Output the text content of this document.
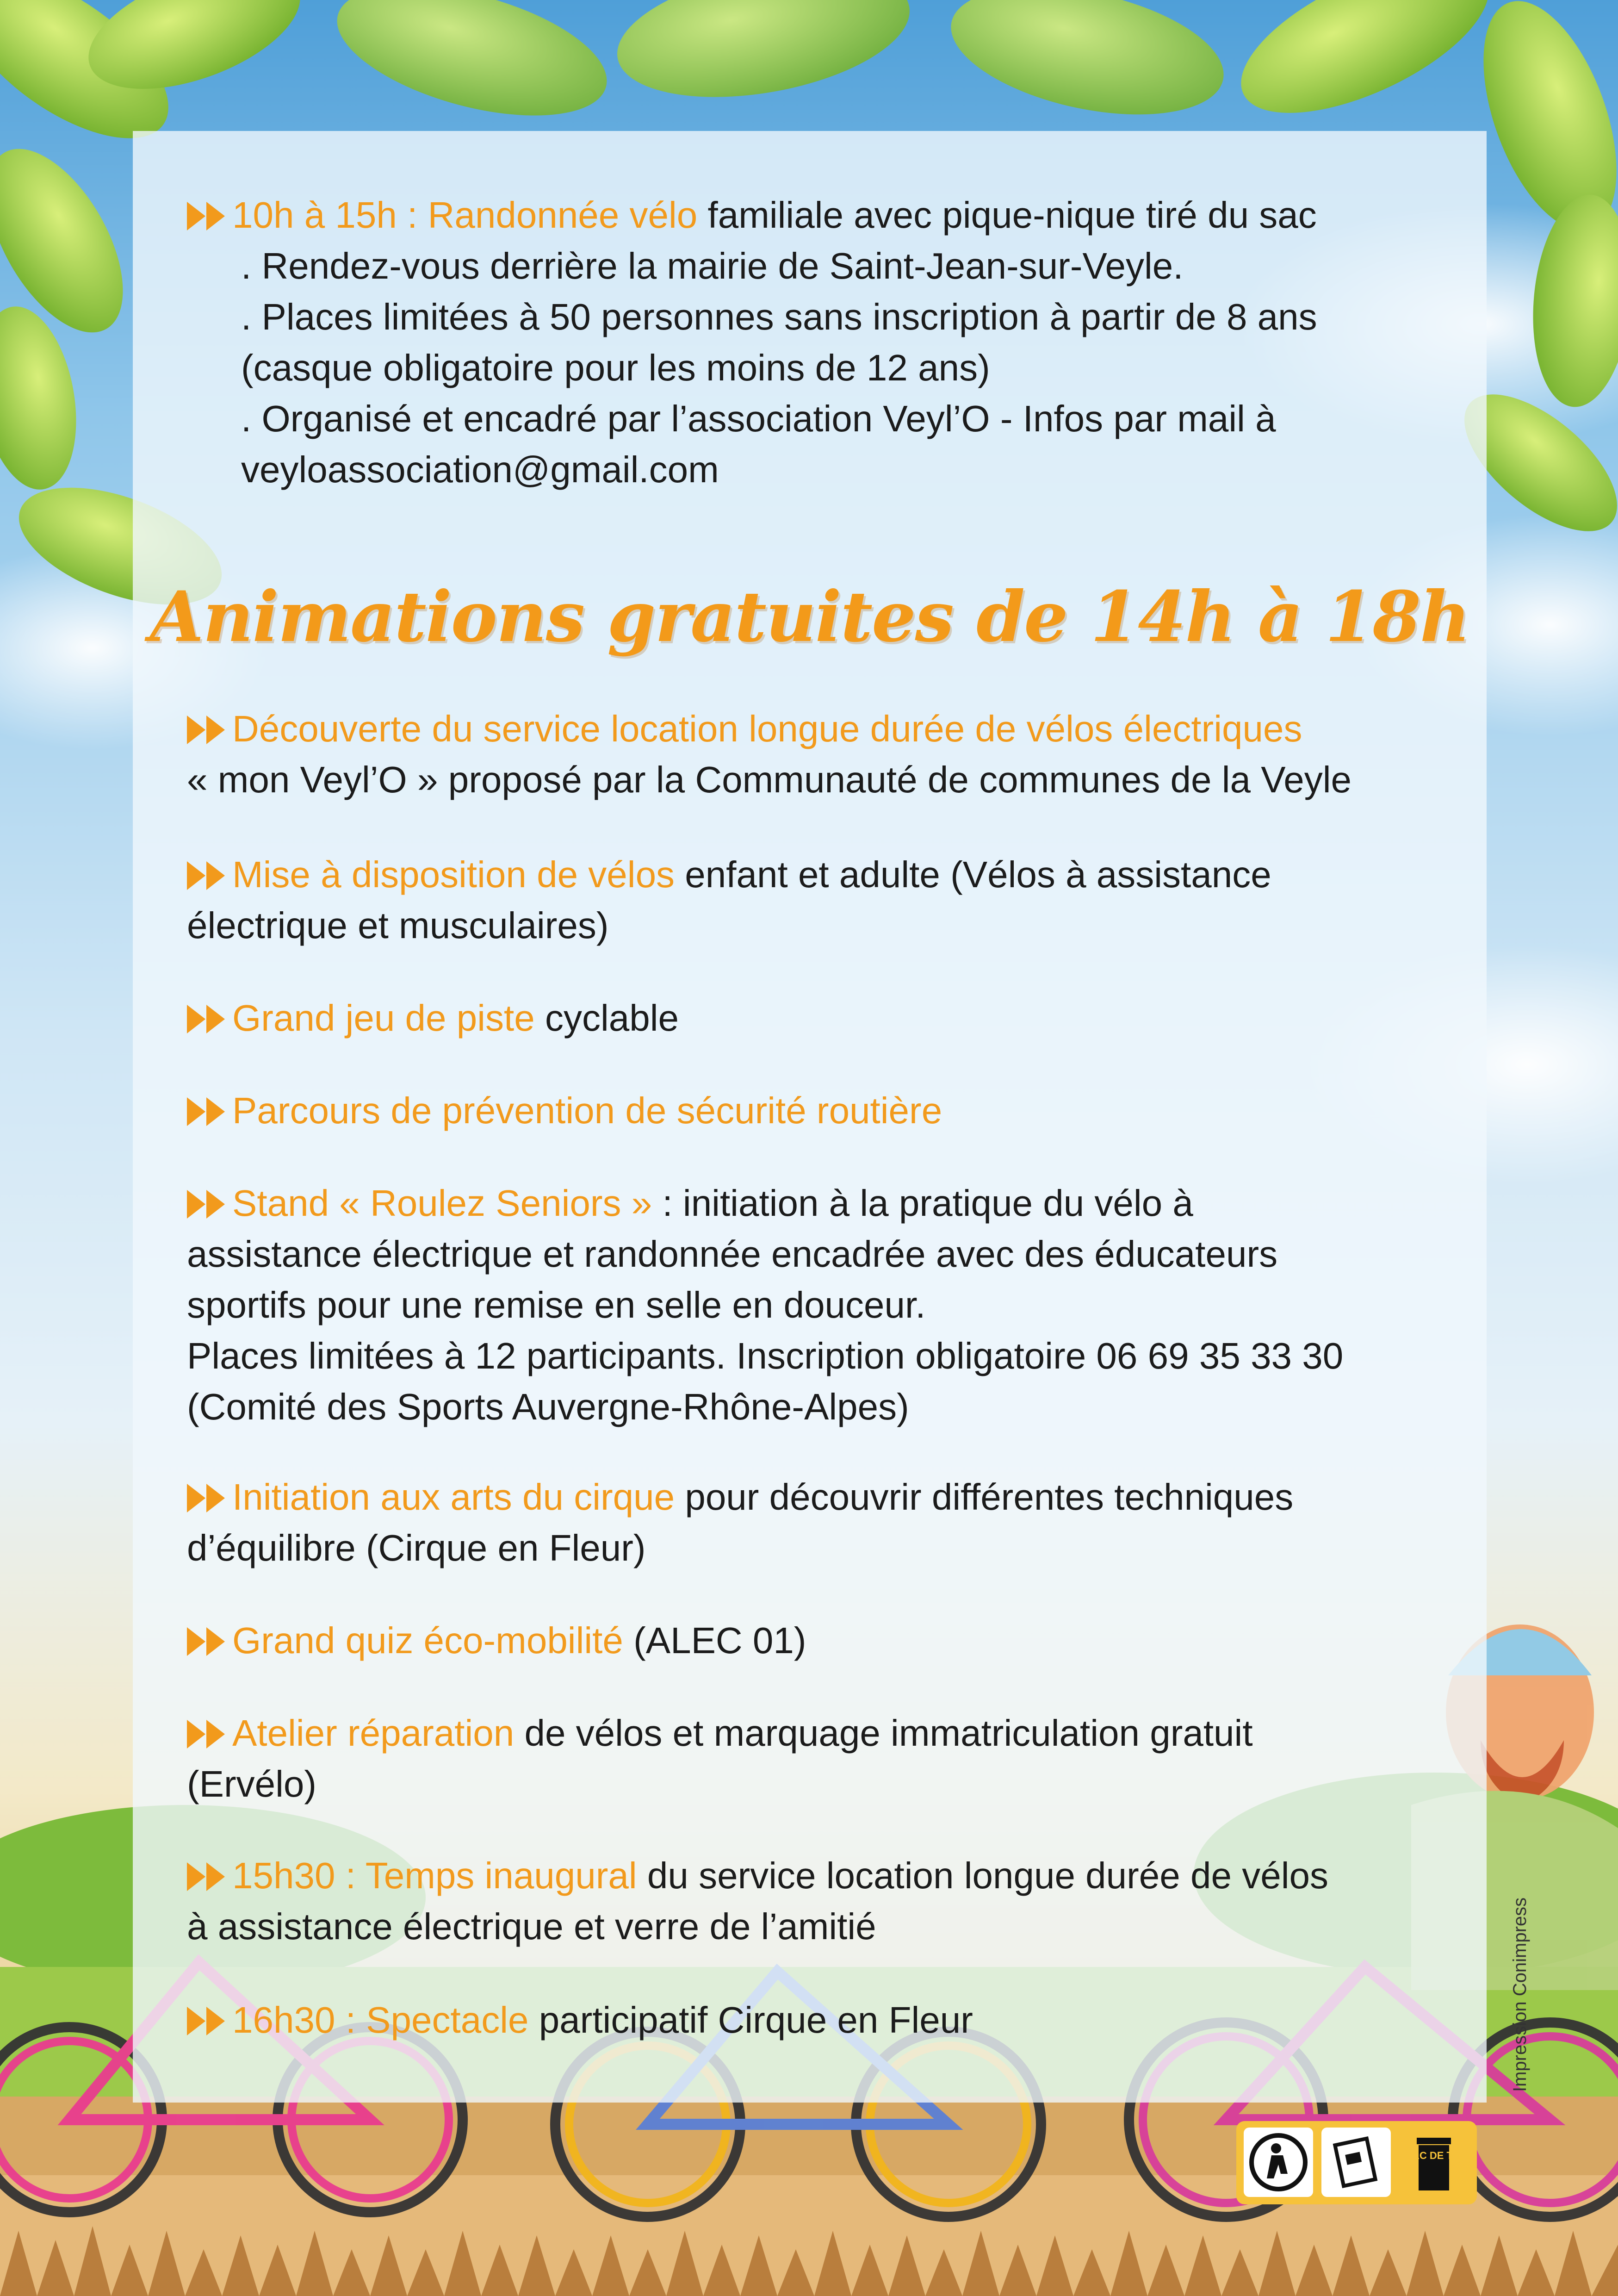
10h à 15h : Randonnée vélo familiale avec pique-nique tiré du sac
. Rendez-vous derrière la mairie de Saint-Jean-sur-Veyle.
. Places limitées à 50 personnes sans inscription à partir de 8 ans
(casque obligatoire pour les moins de 12 ans)
. Organisé et encadré par l’association Veyl’O - Infos par mail à
veyloassociation@gmail.com
Animations gratuites de 14h à 18h
Découverte du service location longue durée de vélos électriques
« mon Veyl’O » proposé par la Communauté de communes de la Veyle
Mise à disposition de vélos enfant et adulte (Vélos à assistance
électrique et musculaires)
Grand jeu de piste cyclable
Parcours de prévention de sécurité routière
Stand « Roulez Seniors » : initiation à la pratique du vélo à
assistance électrique et randonnée encadrée avec des éducateurs
sportifs pour une remise en selle en douceur.
Places limitées à 12 participants. Inscription obligatoire 06 69 35 33 30
(Comité des Sports Auvergne-Rhône-Alpes)
Initiation aux arts du cirque pour découvrir différentes techniques
d’équilibre (Cirque en Fleur)
Grand quiz éco-mobilité (ALEC 01)
Atelier réparation de vélos et marquage immatriculation gratuit
(Ervélo)
15h30 : Temps inaugural du service location longue durée de vélos
à assistance électrique et verre de l’amitié
16h30 : Spectacle participatif Cirque en Fleur	Impression Conimpress
BAC DE TRI
